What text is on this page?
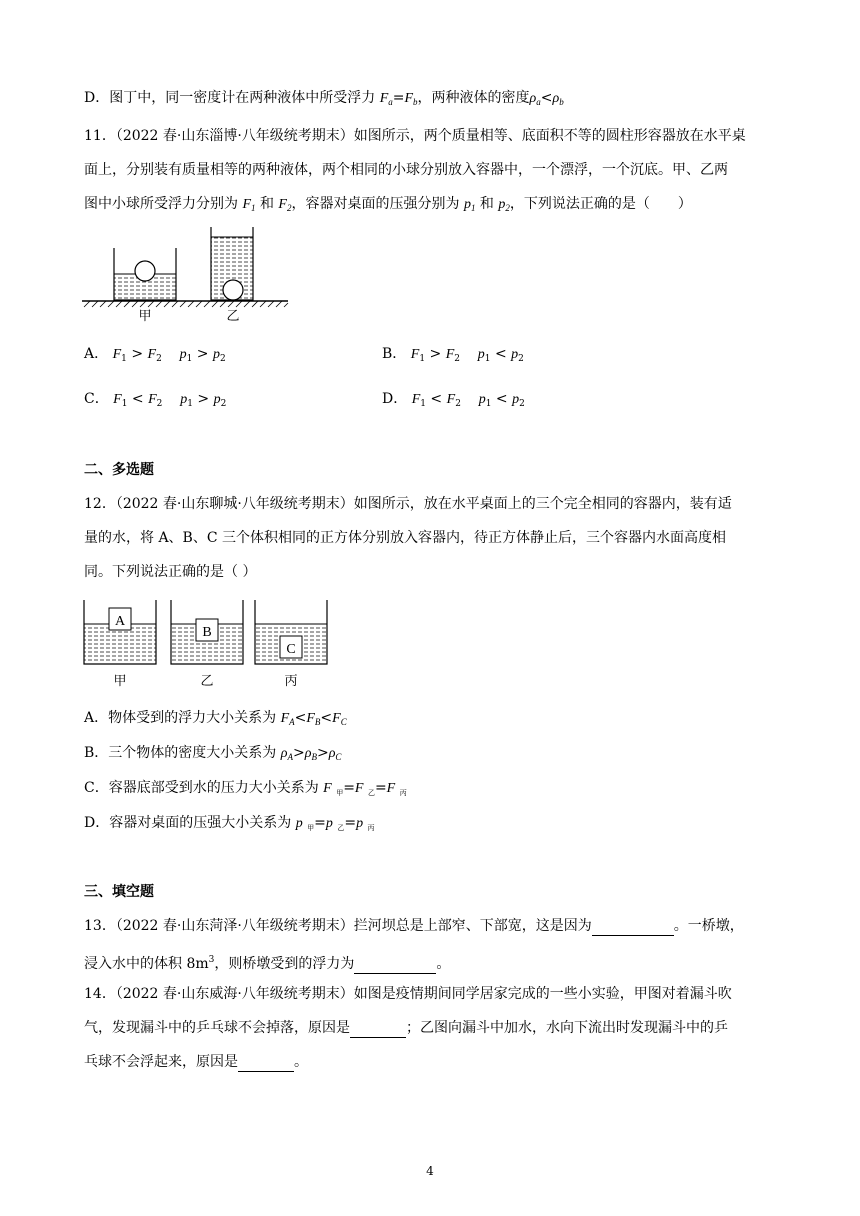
D．图丁中，同一密度计在两种液体中所受浮力 $F_a=F_b$，两种液体的密度$\rho_a<\rho_b$
11．（2022 春·山东淄博·八年级统考期末）如图所示，两个质量相等、底面积不等的圆柱形容器放在水平桌
面上，分别装有质量相等的两种液体，两个相同的小球分别放入容器中，一个漂浮，一个沉底。甲、乙两
图中小球所受浮力分别为 $F_1$ 和 $F_2$，容器对桌面的压强分别为 $p_1$ 和 $p_2$，下列说法正确的是（　　）
甲	乙
A． $F_1 > F_2$ $p_1 > p_2$	B． $F_1 > F_2$ $p_1 < p_2$
C． $F_1 < F_2$ $p_1 > p_2$	D． $F_1 < F_2$ $p_1 < p_2$
二、多选题
12．（2022 春·山东聊城·八年级统考期末）如图所示，放在水平桌面上的三个完全相同的容器内，装有适
量的水，将 A、B、C 三个体积相同的正方体分别放入容器内，待正方体静止后，三个容器内水面高度相
同。下列说法正确的是（ ）
A
B
C
甲	乙	丙
A．物体受到的浮力大小关系为 $F_A<F_B<F_C$
B．三个物体的密度大小关系为 $\rho_A>\rho_B>\rho_C$
C．容器底部受到水的压力大小关系为 F $_甲$=F $_乙$=F $_丙$
D．容器对桌面的压强大小关系为 p $_甲$=p $_乙$=p $_丙$
三、填空题
13．（2022 春·山东菏泽·八年级统考期末）拦河坝总是上部窄、下部宽，这是因为	。一桥墩，
浸入水中的体积 $8m^3$，则桥墩受到的浮力为	。
14．（2022 春·山东威海·八年级统考期末）如图是疫情期间同学居家完成的一些小实验，甲图对着漏斗吹
气，发现漏斗中的乒乓球不会掉落，原因是	；乙图向漏斗中加水，水向下流出时发现漏斗中的乒
乓球不会浮起来，原因是	。
4
